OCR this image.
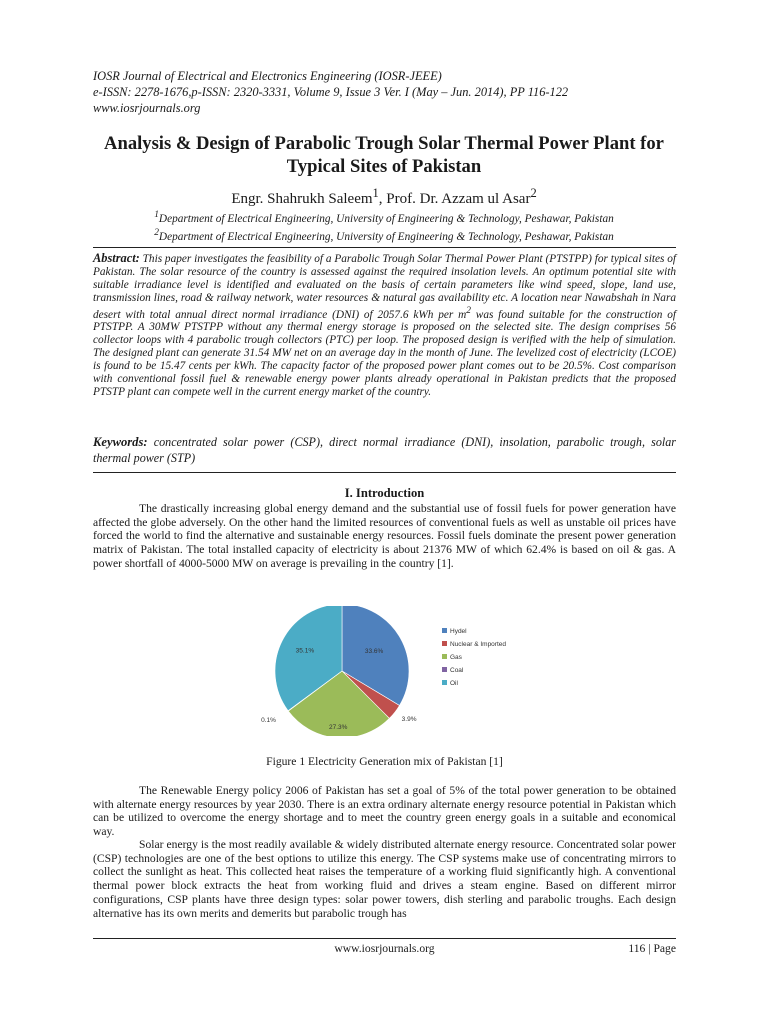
IOSR Journal of Electrical and Electronics Engineering (IOSR-JEEE)
e-ISSN: 2278-1676,p-ISSN: 2320-3331, Volume 9, Issue 3 Ver. I (May – Jun. 2014), PP 116-122
www.iosrjournals.org
Analysis & Design of Parabolic Trough Solar Thermal Power Plant for Typical Sites of Pakistan
Engr. Shahrukh Saleem$^1$, Prof. Dr. Azzam ul Asar$^2$
$^1$Department of Electrical Engineering, University of Engineering & Technology, Peshawar, Pakistan
$^2$Department of Electrical Engineering, University of Engineering & Technology, Peshawar, Pakistan
Abstract: This paper investigates the feasibility of a Parabolic Trough Solar Thermal Power Plant (PTSTPP) for typical sites of Pakistan. The solar resource of the country is assessed against the required insolation levels. An optimum potential site with suitable irradiance level is identified and evaluated on the basis of certain parameters like wind speed, slope, land use, transmission lines, road & railway network, water resources & natural gas availability etc. A location near Nawabshah in Nara desert with total annual direct normal irradiance (DNI) of 2057.6 kWh per $m^2$ was found suitable for the construction of PTSTPP. A 30MW PTSTPP without any thermal energy storage is proposed on the selected site. The design comprises 56 collector loops with 4 parabolic trough collectors (PTC) per loop. The proposed design is verified with the help of simulation. The designed plant can generate 31.54 MW net on an average day in the month of June. The levelized cost of electricity (LCOE) is found to be 15.47 cents per kWh. The capacity factor of the proposed power plant comes out to be 20.5%. Cost comparison with conventional fossil fuel & renewable energy power plants already operational in Pakistan predicts that the proposed PTSTP plant can compete well in the current energy market of the country.
Keywords: concentrated solar power (CSP), direct normal irradiance (DNI), insolation, parabolic trough, solar thermal power (STP)
I. Introduction
The drastically increasing global energy demand and the substantial use of fossil fuels for power generation have affected the globe adversely. On the other hand the limited resources of conventional fuels as well as unstable oil prices have forced the world to find the alternative and sustainable energy resources. Fossil fuels dominate the present power generation matrix of Pakistan. The total installed capacity of electricity is about 21376 MW of which 62.4% is based on oil & gas. A power shortfall of 4000-5000 MW on average is prevailing in the country [1].
33.6%
3.9%
27.3%
0.1%
35.1%
Hydel
Nuclear & Imported
Gas
Coal
Oil
Figure 1 Electricity Generation mix of Pakistan [1]
The Renewable Energy policy 2006 of Pakistan has set a goal of 5% of the total power generation to be obtained with alternate energy resources by year 2030. There is an extra ordinary alternate energy resource potential in Pakistan which can be utilized to overcome the energy shortage and to meet the country green energy goals in a suitable and economical way.
Solar energy is the most readily available & widely distributed alternate energy resource. Concentrated solar power (CSP) technologies are one of the best options to utilize this energy. The CSP systems make use of concentrating mirrors to collect the sunlight as heat. This collected heat raises the temperature of a working fluid significantly high. A conventional thermal power block extracts the heat from working fluid and drives a steam engine. Based on different mirror configurations, CSP plants have three design types: solar power towers, dish sterling and parabolic troughs. Each design alternative has its own merits and demerits but parabolic trough has
www.iosrjournals.org	116 | Page
